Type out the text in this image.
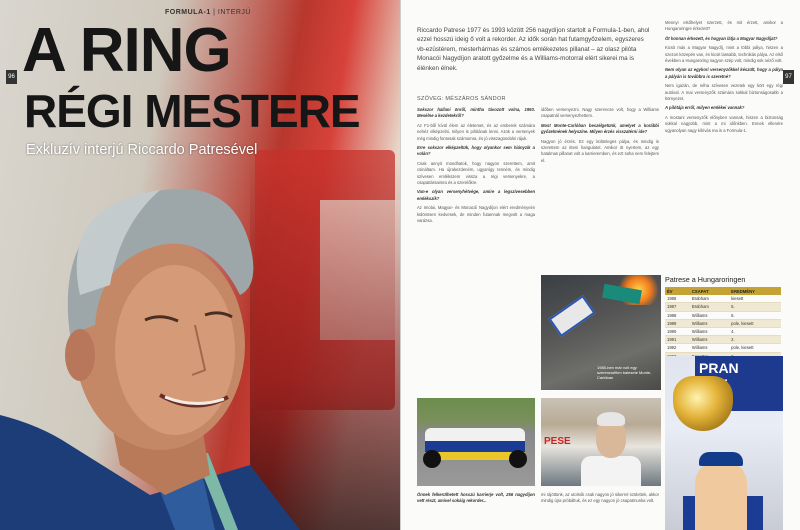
FORMULA-1 | INTERJÚ
96 A RING
RÉGI MESTERE
Exkluzív interjú Riccardo Patresével
97
Riccardo Patrese 1977 és 1993 között 256 nagydíjon startolt a Formula-1-ben, ahol ezzel hosszú ideig ő volt a rekorder. Az idők során hat futamgyőzelem, egyszeres vb-ezüstérem, mesterhármas és számos emlékezetes pillanat – az olasz pilóta Monacói Nagydíjon aratott győzelme és a Williams-motorral elért sikerei ma is élénken élnek.
SZÖVEG: MÉSZÁROS SÁNDOR

Sokszor hallani önről, mintha távozott volna, 1993. Mesélne a kezdetekről?

Az F1-ből kívül élem az életemet, és az emberek számára nehéz elképzelni, milyen is pilótának lenni. Azok a versenyek még mindig fontosak számomra, és jó visszagondolni rájuk.

Erre sokszor elképzeltük, hogy olyankor sem hiányzik a volán?

Csak annyit mondhatok, hogy nagyon szerettem, amit csináltam. Ha újrakezdeném, ugyanígy tenném, és mindig szívesen emlékszem vissza a régi versenyekre, a csapattársaimra és a szerelőkre.

Van-e olyan versenyhétvége, amire a legszívesebben emlékszik?

Az Imolai, Magyar- és Monacói Nagydíjon elért eredményeim különösen kedvesek, de minden futamnak megvolt a maga varázsa.

időben versenyezni. Nagy szerencse volt, hogy a Williams csapatnál versenyezhettem.

Most Monte-Carlóban beszélgetünk, amelyet a korábbi győzelmének helyszíne. Milyen érzés visszatérni ide?

Nagyon jó érzés. Ez egy különleges pálya, és mindig is szerettem az itteni hangulatot. Amikor itt nyertem, az egy hatalmas pillanat volt a karrieremben, és ezt soha nem felejtem el.

Mennyi elsőhelyet szerzett, és mit érzett, amikor a Hungaroringre érkezett?

Öt honnan érkezett, és hogyan látja a Magyar Nagydíjat?

Kicsit más a Magyar Nagydíj, mint a többi pálya, hiszen a szezon közepén van, és kicsit lassabb, technikás pálya. Az első években a Hungaroring nagyon szép volt, mindig sok néző volt.

Nem olyan az egykori versenyzőkkel készült, hogy a pálya a pályán is továbbra is szeretné?

Nem igazán, de néha szívesen vezetek egy kört egy régi autóval. A mai versenyzők számára sokkal biztonságosabb a környezet.

A pilótája erről, milyen emlékei vannak?

A mostani versenyzők előnyben vannak, hiszen a biztonság sokkal nagyobb, mint a mi időnkben. Ennek ellenére ugyanolyan nagy kihívás ma is a Formula-1.

Önnek felkerülhetett hosszú karrierje volt, 256 nagydíjon vett részt, amivel sokáig rekorder...

mi rájöttünk, az utolsók csak nagyon jó sikerrel születtek, akkor mindig újra próbáltuk, és ez egy nagyon jó csapatmunka volt.

1985-ben már volt egy szerencsétlen balesete Monte-Carlóban
PESE
Patrese a Hungaroringen
ÉV	CSAPAT	EREDMÉNY
1986	Brabham	kiesett
1987	Brabham	5.
1988	Williams	6.
1989	Williams	pole, kiesett
1990	Williams	4.
1991	Williams	2.
1992	Williams	pole, kiesett

PRAN
